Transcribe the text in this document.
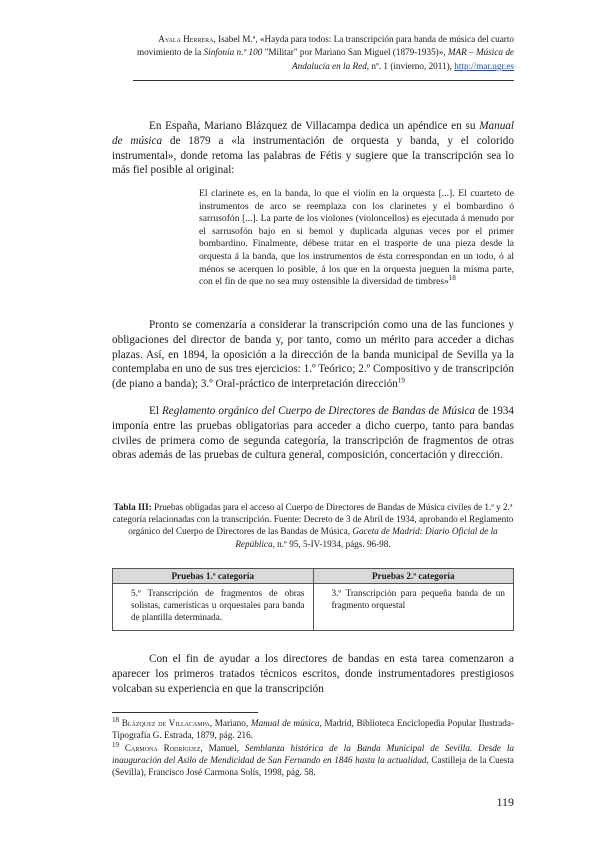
Ayala Herrera, Isabel M.ª, «Hayda para todos: La transcripción para banda de música del cuarto movimiento de la Sinfonía n.º 100 "Militar" por Mariano San Miguel (1879-1935)», MAR – Música de Andalucía en la Red, nº. 1 (invierno, 2011), http://mar.ugr.es

En España, Mariano Blázquez de Villacampa dedica un apéndice en su Manual de música de 1879 a «la instrumentación de orquesta y banda, y el colorido instrumental», donde retoma las palabras de Fétis y sugiere que la transcripción sea lo más fiel posible al original:

El clarinete es, en la banda, lo que el violín en la orquesta [...]. El cuarteto de instrumentos de arco se reemplaza con los clarinetes y el bombardino ó sarrusofón [...]. La parte de los violones (violoncellos) es ejecutada á menudo por el sarrusofón bajo en si bemol y duplicada algunas veces por el primer bombardino. Finalmente, débese tratar en el trasporte de una pieza desde la orquesta á la banda, que los instrumentos de ésta correspondan en un todo, ó al ménos se acerquen lo posible, á los que en la orquesta jueguen la misma parte, con el fin de que no sea muy ostensible la diversidad de timbres»$^{18}$

Pronto se comenzaría a considerar la transcripción como una de las funciones y obligaciones del director de banda y, por tanto, como un mérito para acceder a dichas plazas. Así, en 1894, la oposición a la dirección de la banda municipal de Sevilla ya la contemplaba en uno de sus tres ejercicios: 1.º Teórico; 2.º Compositivo y de transcripción (de piano a banda); 3.º Oral-práctico de interpretación dirección$^{19}$

El Reglamento orgánico del Cuerpo de Directores de Bandas de Música de 1934 imponía entre las pruebas obligatorias para acceder a dicho cuerpo, tanto para bandas civiles de primera como de segunda categoría, la transcripción de fragmentos de otras obras además de las pruebas de cultura general, composición, concertación y dirección.

Tabla III: Pruebas obligadas para el acceso al Cuerpo de Directores de Bandas de Música civiles de 1.ª y 2.ª categoría relacionadas con la transcripción. Fuente: Decreto de 3 de Abril de 1934, aprobando el Reglamento orgánico del Cuerpo de Directores de las Bandas de Música, Gaceta de Madrid: Diario Oficial de la República, n.º 95, 5-IV-1934, págs. 96-98.

Pruebas 1.ª categoría	Pruebas 2.ª categoría
5.º Transcripción de fragmentos de obras solistas, camerísticas u orquestales para banda de plantilla determinada.	3.º Transcripción para pequeña banda de un fragmento orquestal

Con el fin de ayudar a los directores de bandas en esta tarea comenzaron a aparecer los primeros tratados técnicos escritos, donde instrumentadores prestigiosos volcaban su experiencia en que la transcripción

$^{18}$ Blázquez de Villacampa, Mariano, Manual de música, Madrid, Biblioteca Enciclopedia Popular Ilustrada-Tipografía G. Estrada, 1879, pág. 216.

$^{19}$ Carmona Rodríguez, Manuel, Semblanza histórica de la Banda Municipal de Sevilla. Desde la inauguración del Asilo de Mendicidad de San Fernando en 1846 hasta la actualidad, Castilleja de la Cuesta (Sevilla), Francisco José Carmona Solís, 1998, pág. 58.

119
